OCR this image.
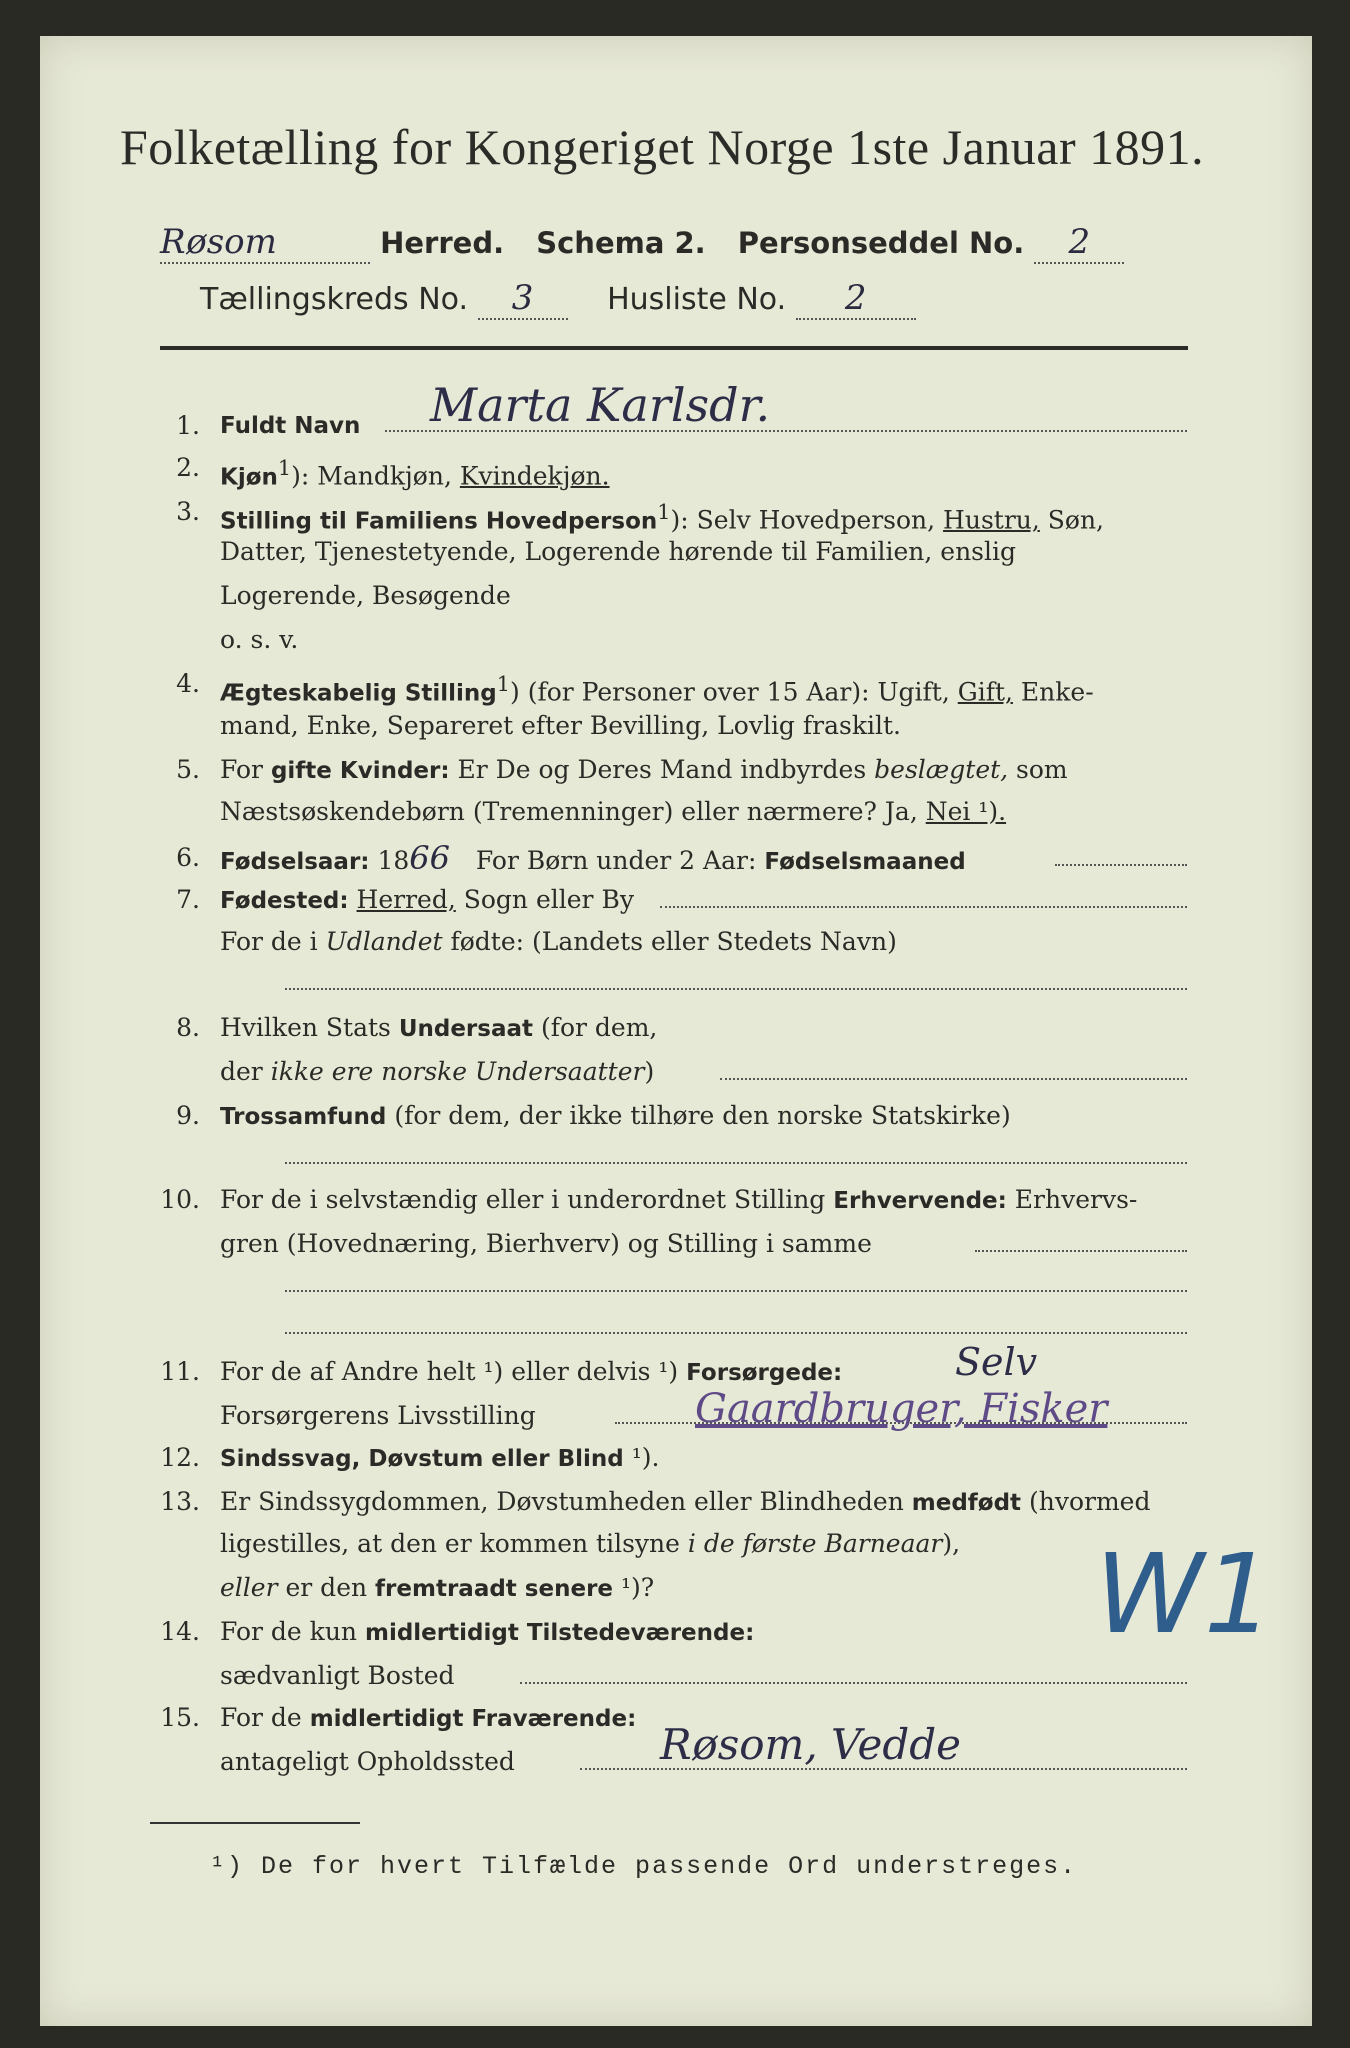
Folketælling for Kongeriget Norge 1ste Januar 1891.
Røsom	Herred. Schema 2. Personseddel No. 2
Tællingskreds No. 3 Husliste No. 2
1. Fuldt Navn	Marta Karlsdr.
2. Kjøn$^1$): Mandkjøn, Kvindekjøn.
3. Stilling til Familiens Hovedperson$^1$): Selv Hovedperson, Hustru, Søn,
Datter, Tjenestetyende, Logerende hørende til Familien, enslig
Logerende, Besøgende
o. s. v.
4. Ægteskabelig Stilling$^1$) (for Personer over 15 Aar): Ugift, Gift, Enke-
mand, Enke, Separeret efter Bevilling, Lovlig fraskilt.
5. For gifte Kvinder: Er De og Deres Mand indbyrdes beslægtet, som
Næstsøskendebørn (Tremenninger) eller nærmere? Ja, Nei ¹).
6. Fødselsaar: 1866 For Børn under 2 Aar: Fødselsmaaned
7. Fødested: Herred, Sogn eller By
For de i Udlandet fødte: (Landets eller Stedets Navn)
8. Hvilken Stats Undersaat (for dem,
der ikke ere norske Undersaatter)
9. Trossamfund (for dem, der ikke tilhøre den norske Statskirke)
10. For de i selvstændig eller i underordnet Stilling Erhvervende: Erhvervs-
gren (Hovednæring, Bierhverv) og Stilling i samme
11. For de af Andre helt ¹) eller delvis ¹) Forsørgede:	Selv
Forsørgerens Livsstilling	Gaardbruger, Fisker
12. Sindssvag, Døvstum eller Blind ¹).
13. Er Sindssygdommen, Døvstumheden eller Blindheden medfødt (hvormed
ligestilles, at den er kommen tilsyne i de første Barneaar),
eller er den fremtraadt senere ¹)?	W1
14. For de kun midlertidigt Tilstedeværende:
sædvanligt Bosted
15. For de midlertidigt Fraværende:
antageligt Opholdssted	Røsom, Vedde
¹) De for hvert Tilfælde passende Ord understreges.
